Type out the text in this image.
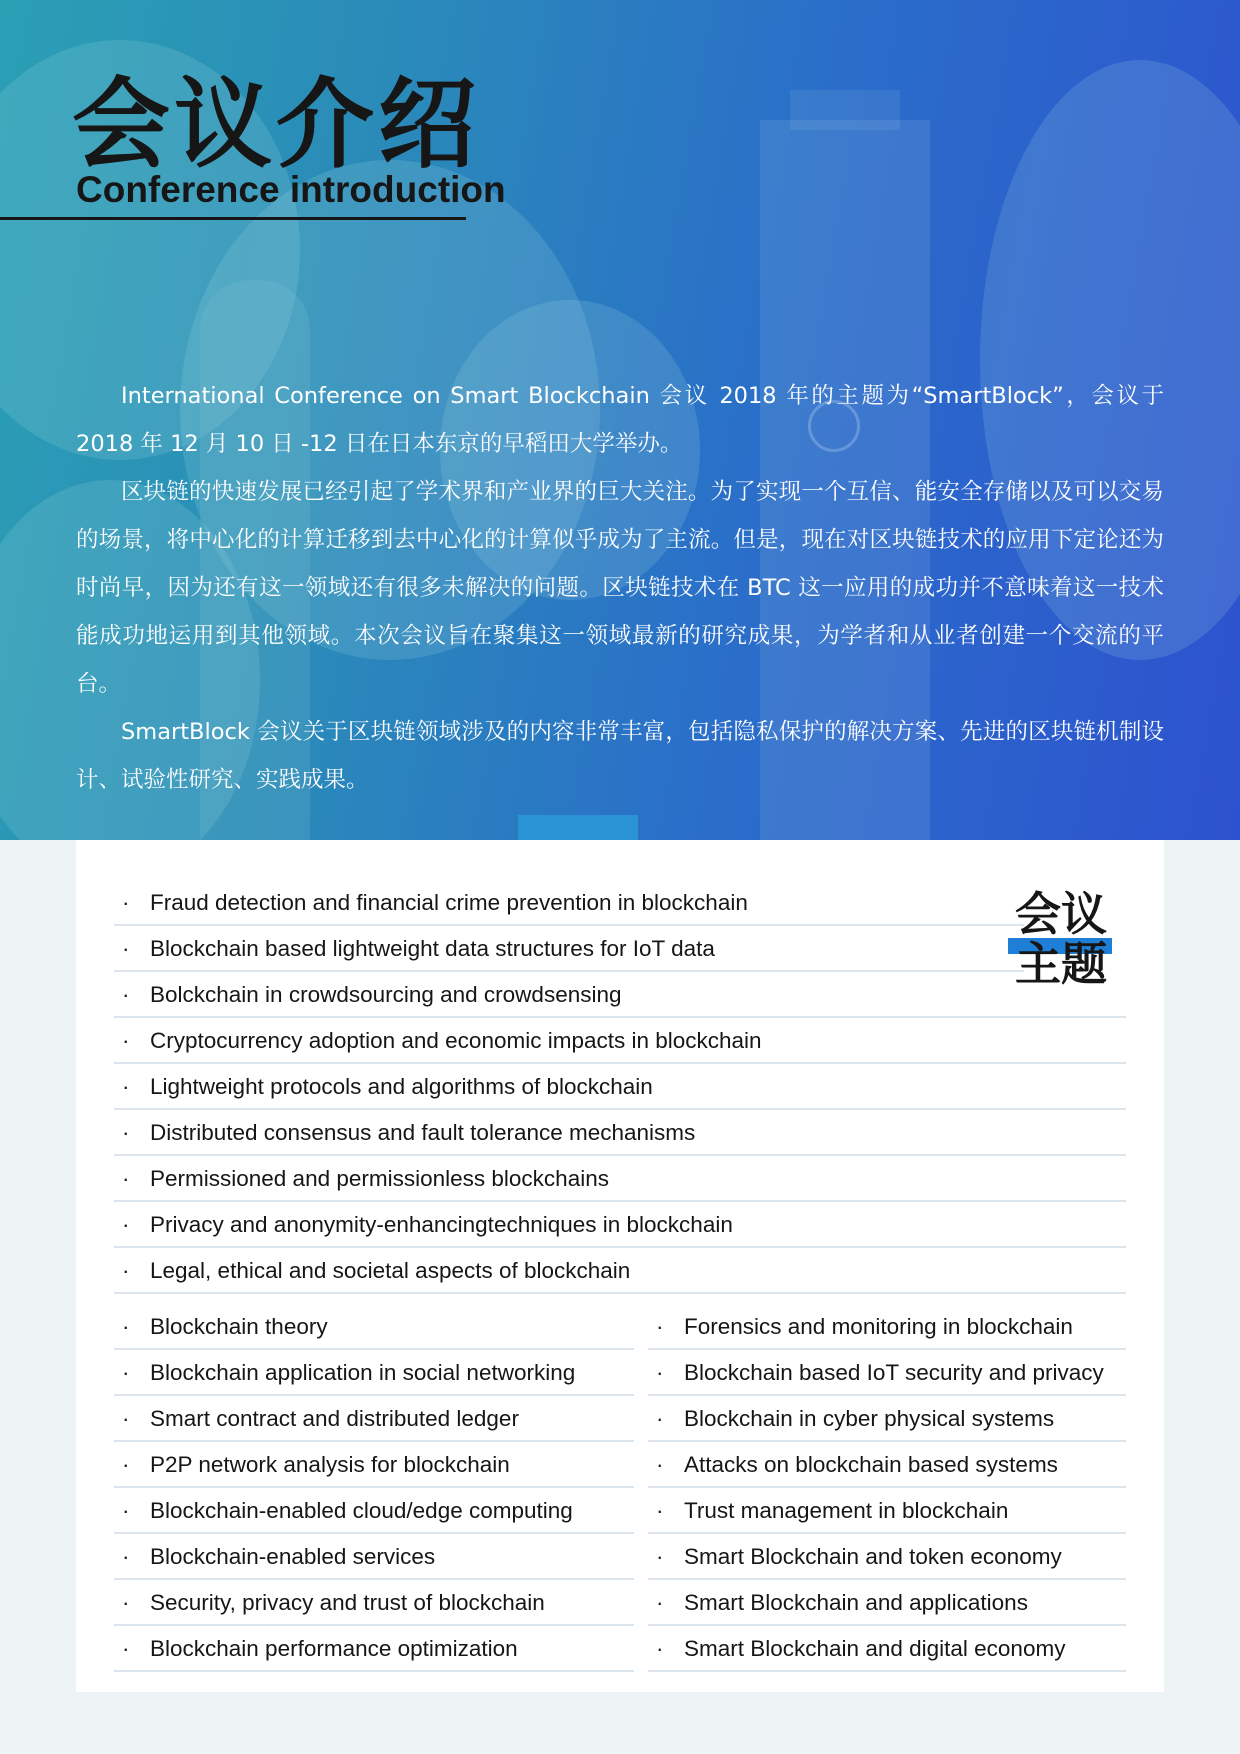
会议介绍
Conference introduction

International Conference on Smart Blockchain 会议 2018 年的主题为“SmartBlock”，会议于 2018 年 12 月 10 日 -12 日在日本东京的早稻田大学举办。

区块链的快速发展已经引起了学术界和产业界的巨大关注。为了实现一个互信、能安全存储以及可以交易的场景，将中心化的计算迁移到去中心化的计算似乎成为了主流。但是，现在对区块链技术的应用下定论还为时尚早，因为还有这一领域还有很多未解决的问题。区块链技术在 BTC 这一应用的成功并不意味着这一技术能成功地运用到其他领域。本次会议旨在聚集这一领域最新的研究成果，为学者和从业者创建一个交流的平台。

SmartBlock 会议关于区块链领域涉及的内容非常丰富，包括隐私保护的解决方案、先进的区块链机制设计、试验性研究、实践成果。

会议

主题

· Fraud detection and financial crime prevention in blockchain
· Blockchain based lightweight data structures for IoT data
· Bolckchain in crowdsourcing and crowdsensing
· Cryptocurrency adoption and economic impacts in blockchain
· Lightweight protocols and algorithms of blockchain
· Distributed consensus and fault tolerance mechanisms
· Permissioned and permissionless blockchains
· Privacy and anonymity-enhancingtechniques in blockchain
· Legal, ethical and societal aspects of blockchain
· Blockchain theory
· Blockchain application in social networking
· Smart contract and distributed ledger
· P2P network analysis for blockchain
· Blockchain-enabled cloud/edge computing
· Blockchain-enabled services
· Security, privacy and trust of blockchain
· Blockchain performance optimization
· Forensics and monitoring in blockchain
· Blockchain based IoT security and privacy
· Blockchain in cyber physical systems
· Attacks on blockchain based systems
· Trust management in blockchain
· Smart Blockchain and token economy
· Smart Blockchain and applications
· Smart Blockchain and digital economy
